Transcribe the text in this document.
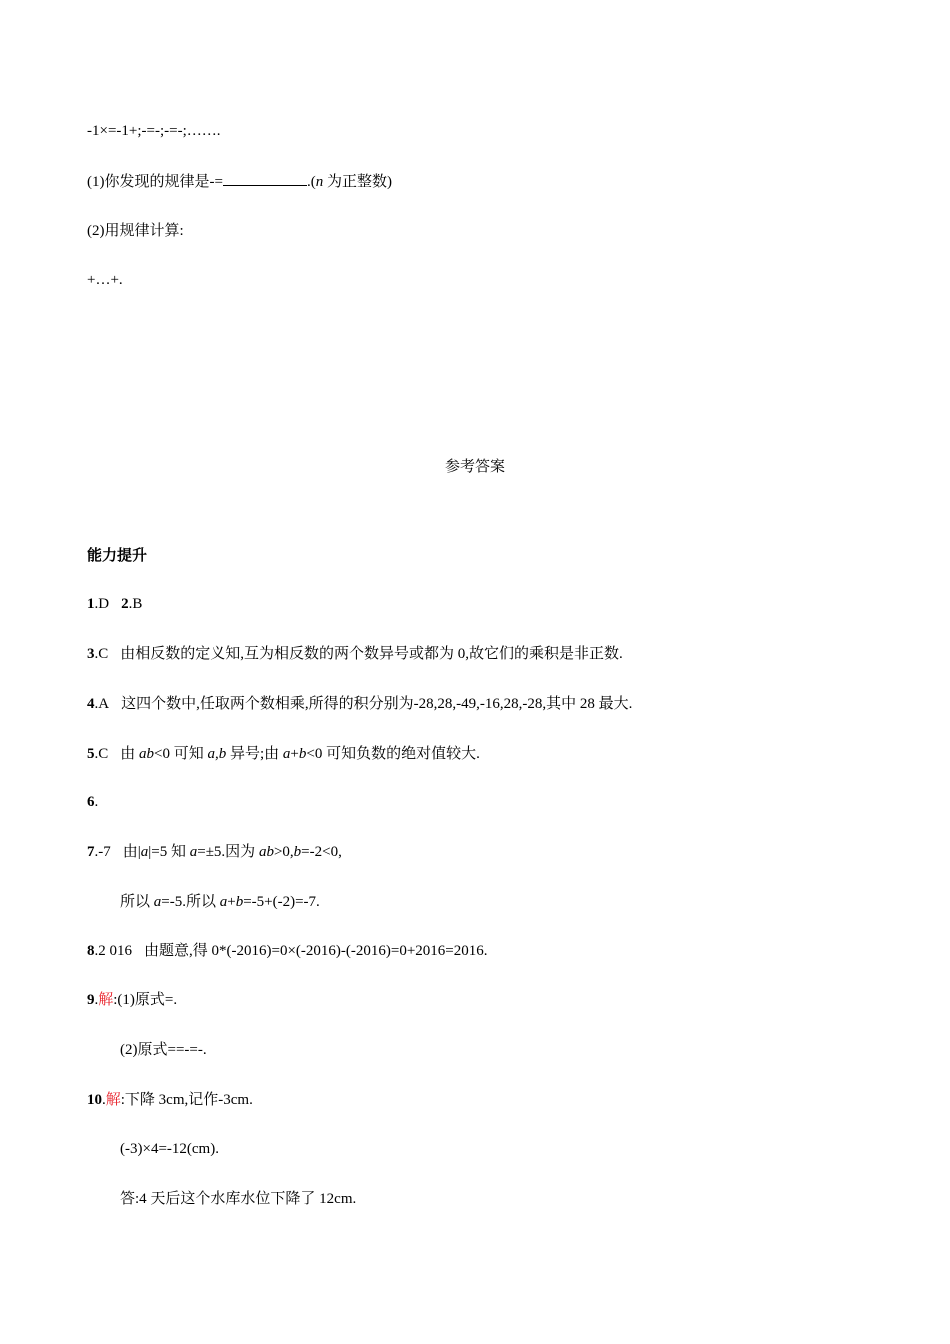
-1×=-1+;-=-;-=-;…….
(1)你发现的规律是-=	.(n 为正整数)
(2)用规律计算:
+…+.
参考答案
能力提升
1.D 2.B
3.C 由相反数的定义知,互为相反数的两个数异号或都为 0,故它们的乘积是非正数.
4.A 这四个数中,任取两个数相乘,所得的积分别为-28,28,-49,-16,28,-28,其中 28 最大.
5.C 由 ab<0 可知 a,b 异号;由 a+b<0 可知负数的绝对值较大.
6.
7.-7 由|a|=5 知 a=±5.因为 ab>0,b=-2<0,
所以 a=-5.所以 a+b=-5+(-2)=-7.
8.2 016 由题意,得 0*(-2016)=0×(-2016)-(-2016)=0+2016=2016.
9.解:(1)原式=.
(2)原式==-=-.
10.解:下降 3cm,记作-3cm.
(-3)×4=-12(cm).
答:4 天后这个水库水位下降了 12cm.
